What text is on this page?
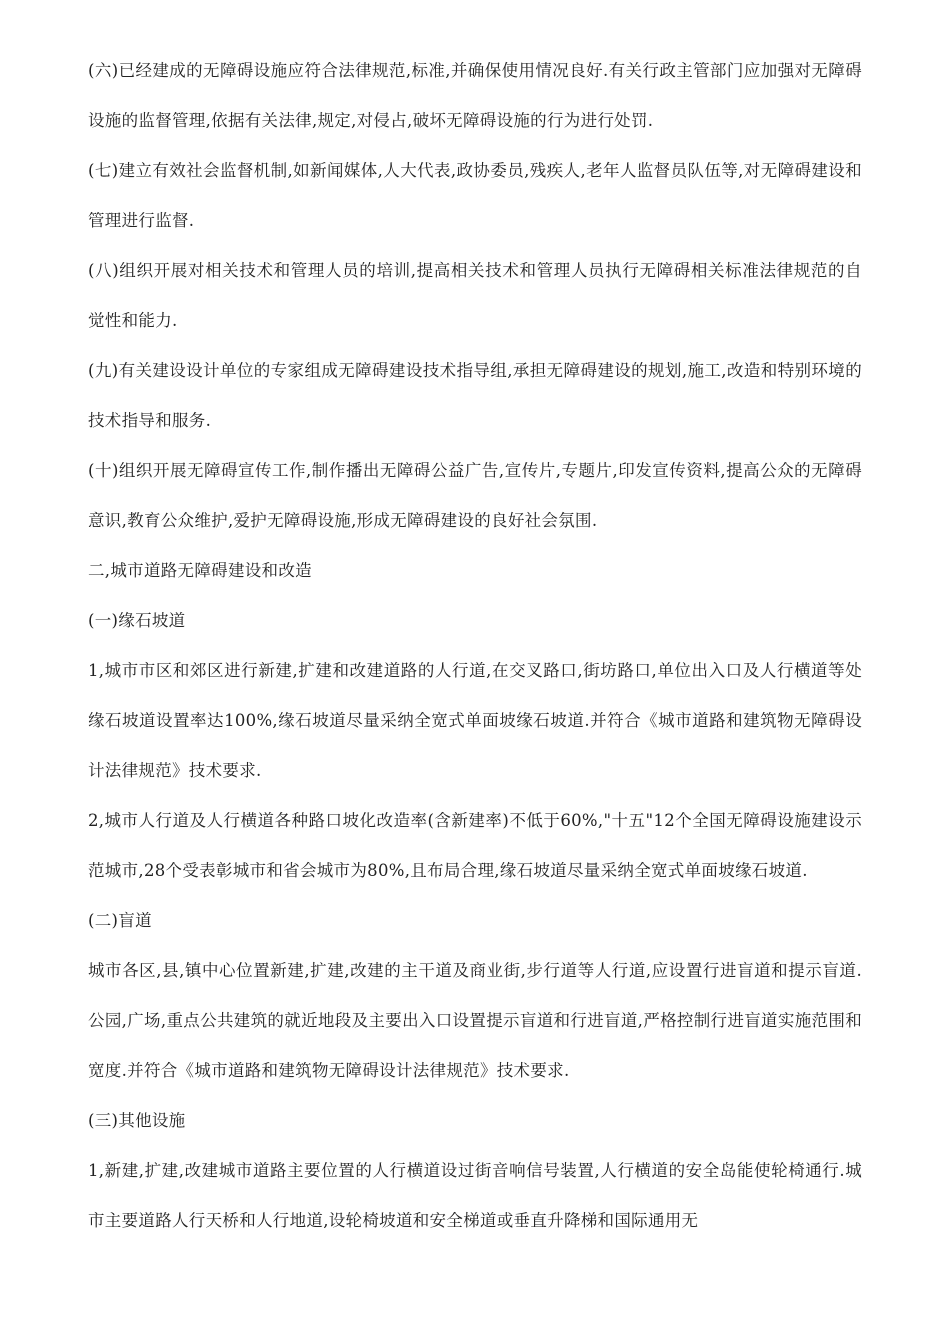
(六)已经建成的无障碍设施应符合法律规范,标准,并确保使用情况良好.有关行政主管部门应加强对无障碍设施的监督管理,依据有关法律,规定,对侵占,破坏无障碍设施的行为进行处罚.

(七)建立有效社会监督机制,如新闻媒体,人大代表,政协委员,残疾人,老年人监督员队伍等,对无障碍建设和管理进行监督.

(八)组织开展对相关技术和管理人员的培训,提高相关技术和管理人员执行无障碍相关标准法律规范的自觉性和能力.

(九)有关建设设计单位的专家组成无障碍建设技术指导组,承担无障碍建设的规划,施工,改造和特别环境的技术指导和服务.

(十)组织开展无障碍宣传工作,制作播出无障碍公益广告,宣传片,专题片,印发宣传资料,提高公众的无障碍意识,教育公众维护,爱护无障碍设施,形成无障碍建设的良好社会氛围.

二,城市道路无障碍建设和改造

(一)缘石坡道

1,城市市区和郊区进行新建,扩建和改建道路的人行道,在交叉路口,街坊路口,单位出入口及人行横道等处缘石坡道设置率达100%,缘石坡道尽量采纳全宽式单面坡缘石坡道.并符合《城市道路和建筑物无障碍设计法律规范》技术要求.

2,城市人行道及人行横道各种路口坡化改造率(含新建率)不低于60%,"十五"12个全国无障碍设施建设示范城市,28个受表彰城市和省会城市为80%,且布局合理,缘石坡道尽量采纳全宽式单面坡缘石坡道.

(二)盲道

城市各区,县,镇中心位置新建,扩建,改建的主干道及商业街,步行道等人行道,应设置行进盲道和提示盲道.公园,广场,重点公共建筑的就近地段及主要出入口设置提示盲道和行进盲道,严格控制行进盲道实施范围和宽度.并符合《城市道路和建筑物无障碍设计法律规范》技术要求.

(三)其他设施

1,新建,扩建,改建城市道路主要位置的人行横道设过街音响信号装置,人行横道的安全岛能使轮椅通行.城市主要道路人行天桥和人行地道,设轮椅坡道和安全梯道或垂直升降梯和国际通用无
